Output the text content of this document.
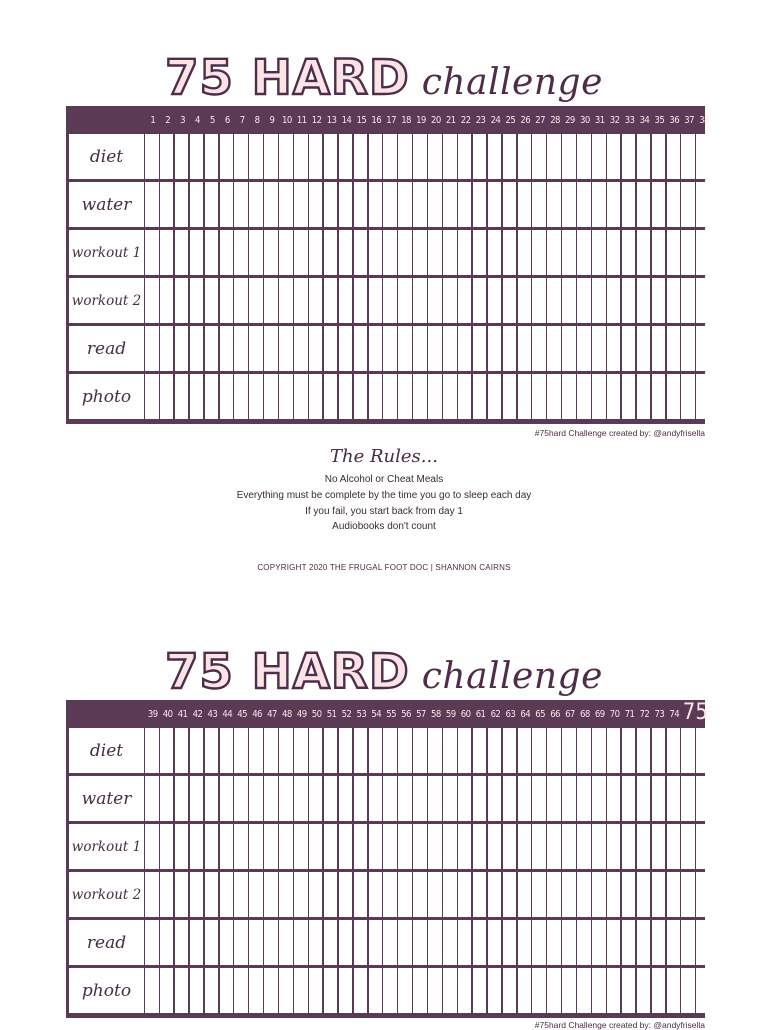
75 HARD challenge
1	2	3	4	5	6	7	8	9 10 11 12 13 14 15 16 17 18 19 20 21 22 23 24 25 26 27 28 29 30 31 32 33 34 35 36 37 38
diet
water
workout 1
workout 2
read
photo
#75hard Challenge created by: @andyfrisella
The Rules...
No Alcohol or Cheat Meals
Everything must be complete by the time you go to sleep each day
If you fail, you start back from day 1
Audiobooks don't count
COPYRIGHT 2020 THE FRUGAL FOOT DOC | SHANNON CAIRNS
75 HARD challenge
39 40 41 42 43 44 45 46 47 48 49 50 51 52 53 54 55 56 57 58 59 60 61 62 63 64 65 66 67 68 69 70 71 72 73 74 75
diet
water
workout 1
workout 2
read
photo
#75hard Challenge created by: @andyfrisella
